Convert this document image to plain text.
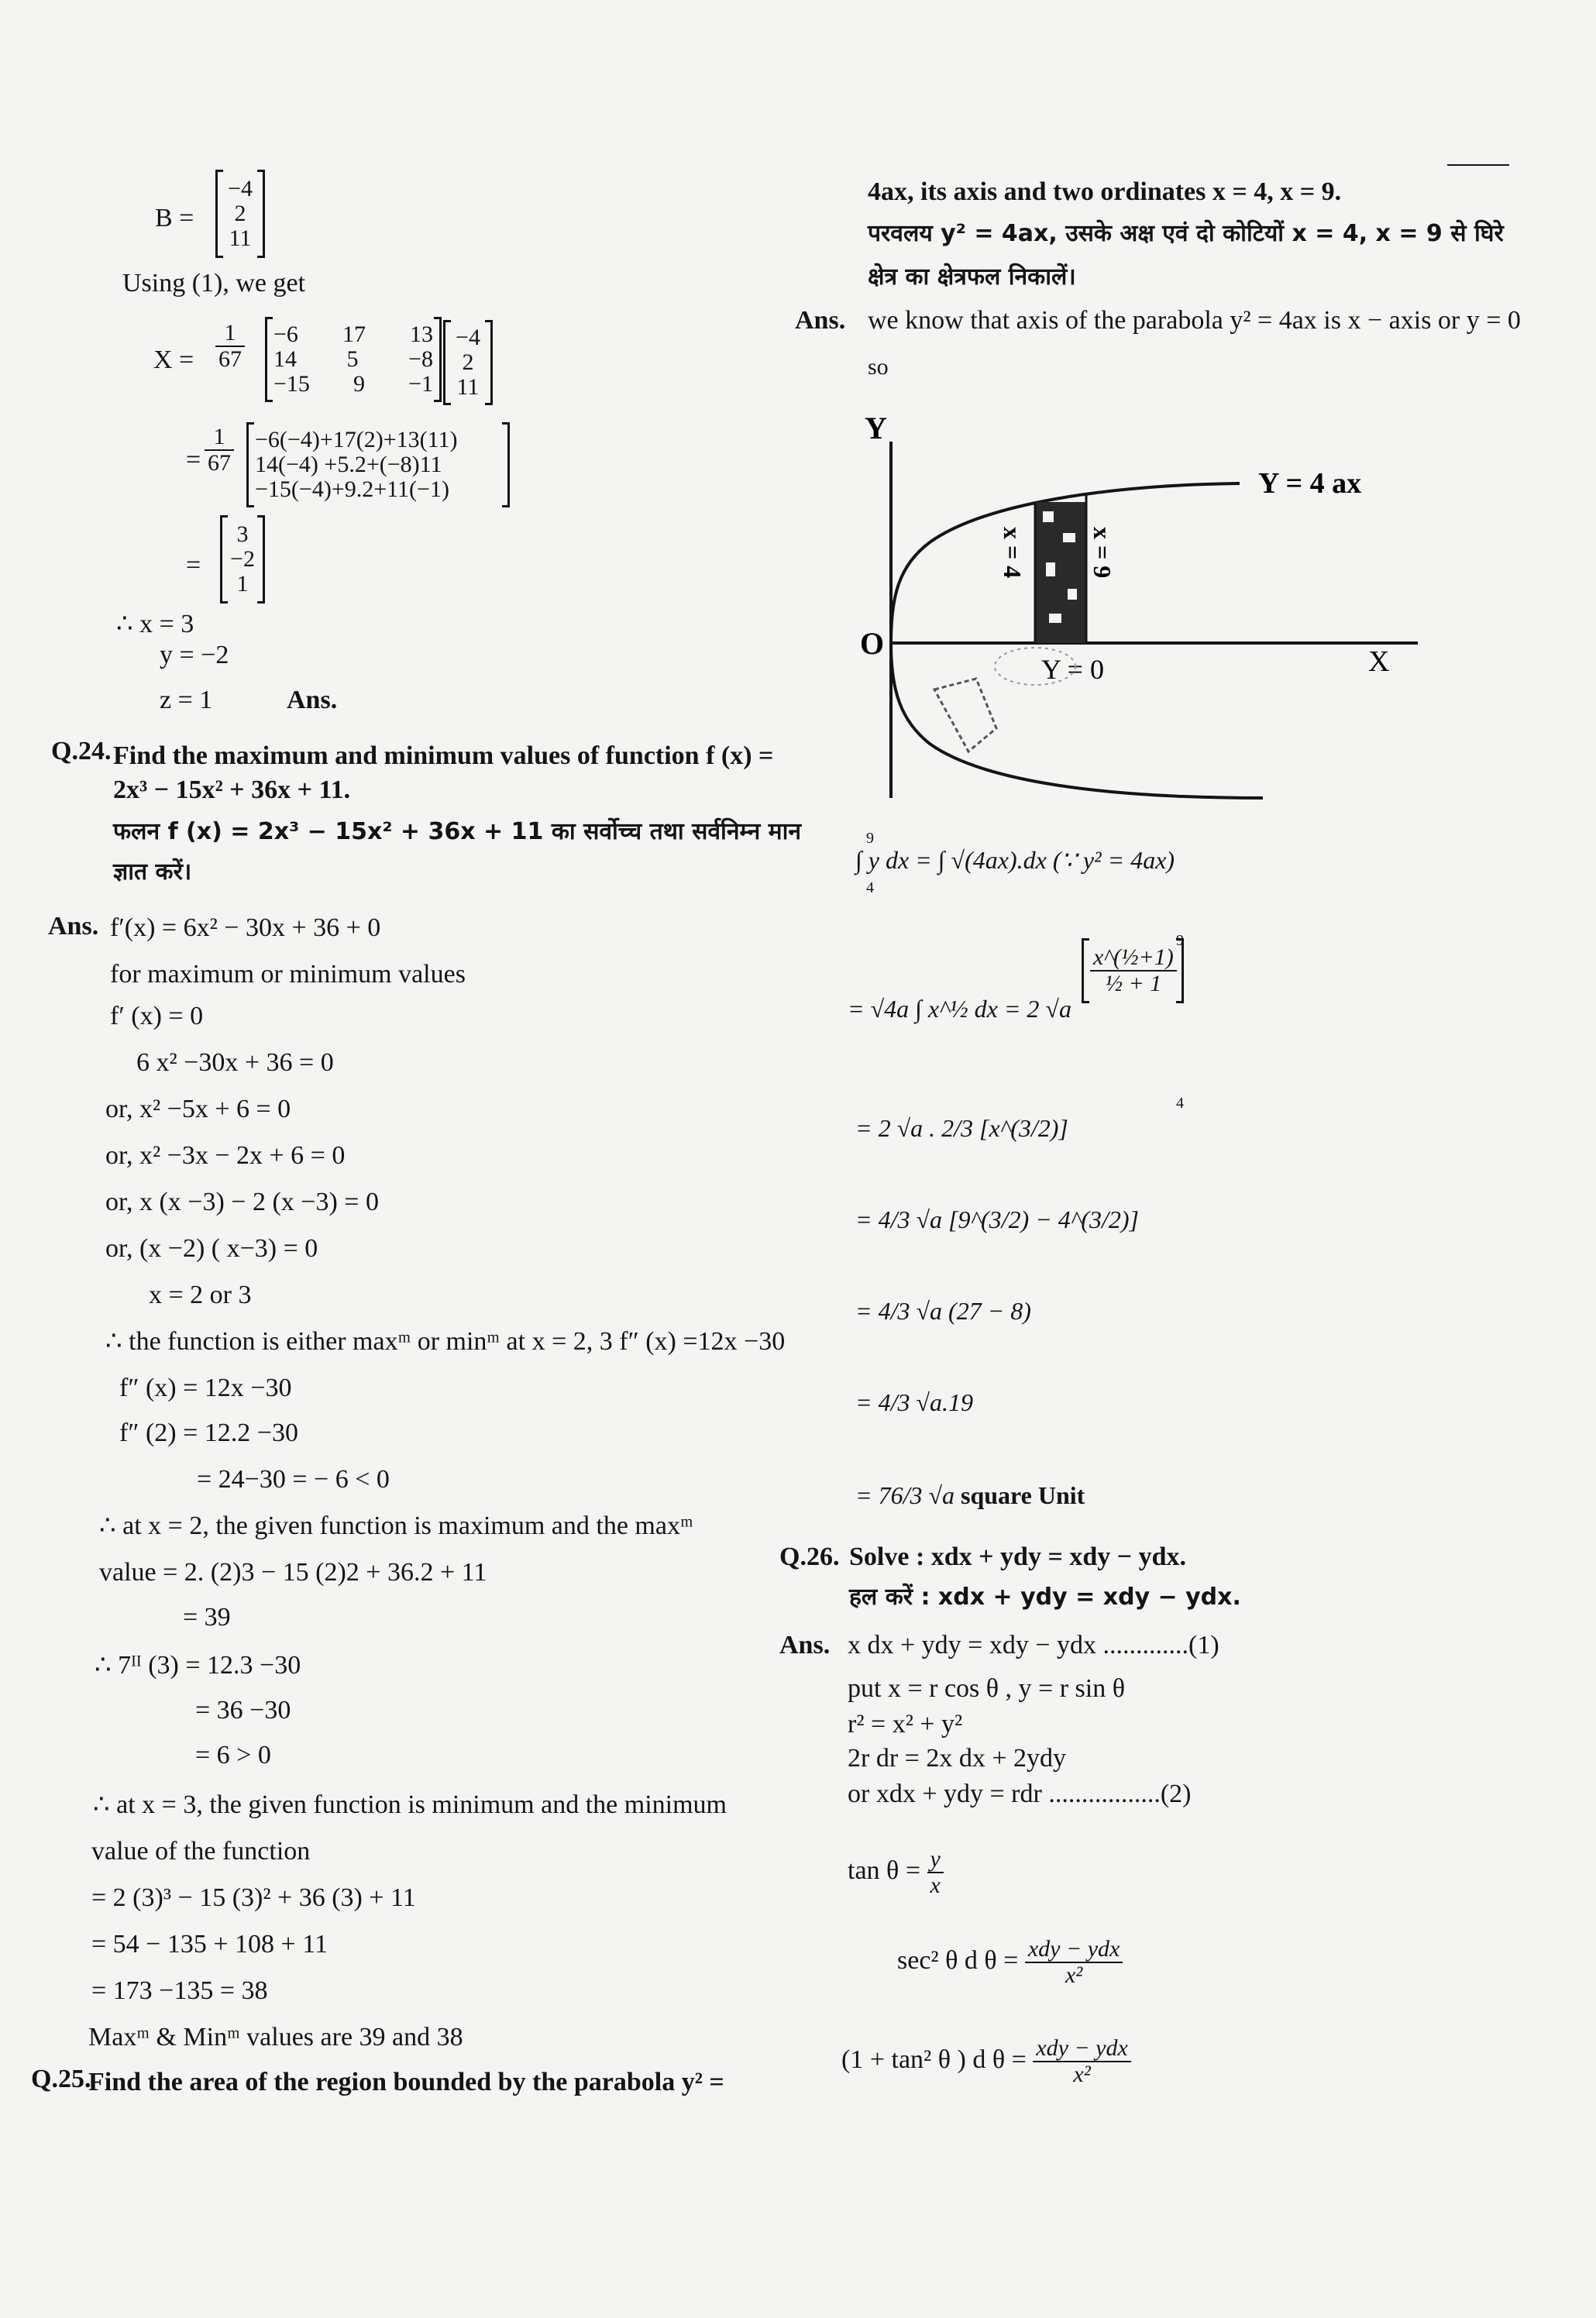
B =
−4
2
11
Using (1), we get
$X = \frac{1}{67} -6$ 17 13
14 5 −8
−15 9 −1
−4
2
11
= $\frac{1}{67} -6(-4)+17(2)+13(11)$
14(−4) +5.2+(−8)11
−15(−4)+9.2+11(−1)
=
3
−2
1
∴ x = 3
y = −2
z = 1	Ans.
Q.24. Find the maximum and minimum values of function f (x) =
2x³ − 15x² + 36x + 11.
फलन f (x) = 2x³ − 15x² + 36x + 11 का सर्वोच्च तथा सर्वनिम्न मान
ज्ञात करें।
Ans. f′(x) = 6x² − 30x + 36 + 0
for maximum or minimum values
f′ (x) = 0
6 x² −30x + 36 = 0
or, x² −5x + 6 = 0
or, x² −3x − 2x + 6 = 0
or, x (x −3) − 2 (x −3) = 0
or, (x −2) ( x−3) = 0
x = 2 or 3
∴ the function is either maxᵐ or minᵐ at x = 2, 3 f″ (x) =12x −30
f″ (x) = 12x −30
f″ (2) = 12.2 −30
= 24−30 = − 6 < 0
∴ at x = 2, the given function is maximum and the maxᵐ
value = 2. (2)3 − 15 (2)2 + 36.2 + 11
= 39
∴ 7ᴵᴵ (3) = 12.3 −30
= 36 −30
= 6 > 0
∴ at x = 3, the given function is minimum and the minimum
value of the function
= 2 (3)³ − 15 (3)² + 36 (3) + 11
= 54 − 135 + 108 + 11
= 173 −135 = 38
Maxᵐ & Minᵐ values are 39 and 38
Q.25.
Find the area of the region bounded by the parabola y² =
4ax, its axis and two ordinates x = 4, x = 9.
परवलय y² = 4ax, उसके अक्ष एवं दो कोटियों x = 4, x = 9 से घिरे
क्षेत्र का क्षेत्रफल निकालें।
Ans. we know that axis of the parabola y² = 4ax is x − axis or y = 0
so
Y
X
O
Y = 4 ax
x = 4	x = 9
Y = 0
∫ y dx = ∫ √(4ax).dx (∵ y² = 4ax)
9
4
= √4a ∫ x^½ dx = 2 √a
$\frac{\text{x\textasciicircum{}(½+1)}}{\text{½ + 1}}$
9
4
= 2 √a . 2/3 [x^(3/2)]
= 4/3 √a [9^(3/2) − 4^(3/2)]
= 4/3 √a (27 − 8)
= 4/3 √a.19
= 76/3 √a square Unit
Q.26. Solve : xdx + ydy = xdy − ydx.
हल करें : xdx + ydy = xdy − ydx.
Ans. x dx + ydy = xdy − ydx .............(1)
put x = r cos θ , y = r sin θ
r² = x² + y²
2r dr = 2x dx + 2ydy
or xdx + ydy = rdr .................(2)
$\tan \theta = \frac{y}{x}$
sec² θ d $\theta = \frac{\text{xdy − ydx}}{\text{x²}}$
(1 + tan² θ ) d $\theta = \frac{\text{xdy − ydx}}{\text{x²}}$
